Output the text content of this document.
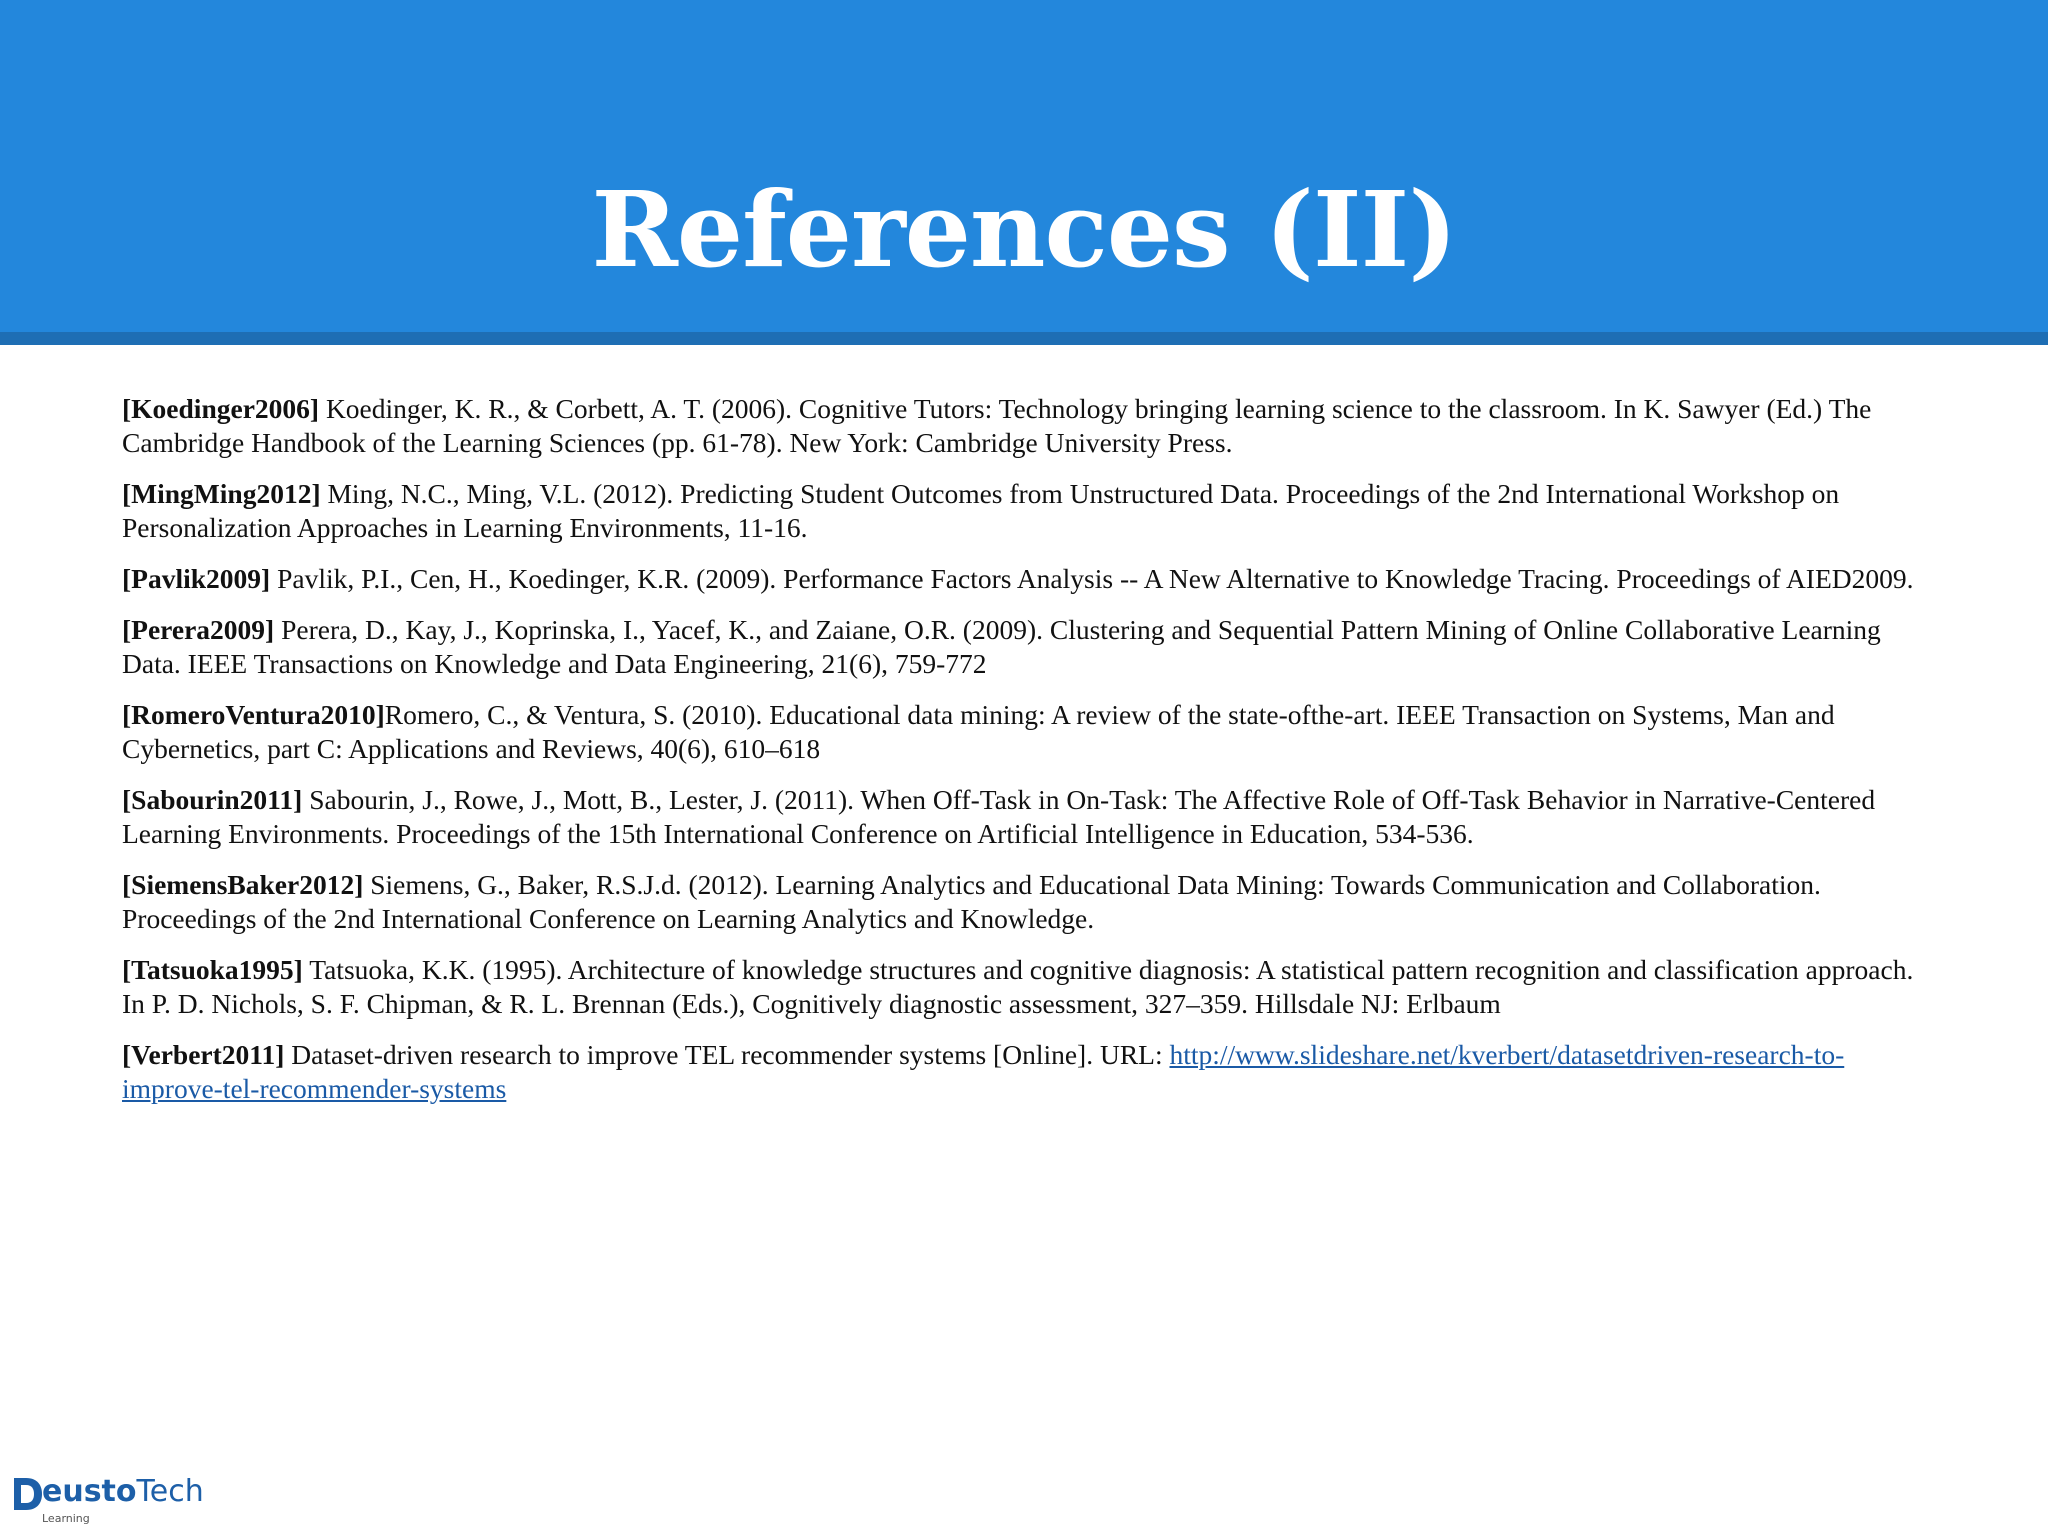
References (II)

[Koedinger2006] Koedinger, K. R., & Corbett, A. T. (2006). Cognitive Tutors: Technology bringing learning science to the classroom. In K. Sawyer (Ed.) The Cambridge Handbook of the Learning Sciences (pp. 61-78). New York: Cambridge University Press.

[MingMing2012] Ming, N.C., Ming, V.L. (2012). Predicting Student Outcomes from Unstructured Data. Proceedings of the 2nd International Workshop on Personalization Approaches in Learning Environments, 11-16.

[Pavlik2009] Pavlik, P.I., Cen, H., Koedinger, K.R. (2009). Performance Factors Analysis -- A New Alternative to Knowledge Tracing. Proceedings of AIED2009.

[Perera2009] Perera, D., Kay, J., Koprinska, I., Yacef, K., and Zaiane, O.R. (2009). Clustering and Sequential Pattern Mining of Online Collaborative Learning Data. IEEE Transactions on Knowledge and Data Engineering, 21(6), 759-772

[RomeroVentura2010]Romero, C., & Ventura, S. (2010). Educational data mining: A review of the state-ofthe-art. IEEE Transaction on Systems, Man and Cybernetics, part C: Applications and Reviews, 40(6), 610–618

[Sabourin2011] Sabourin, J., Rowe, J., Mott, B., Lester, J. (2011). When Off-Task in On-Task: The Affective Role of Off-Task Behavior in Narrative-Centered Learning Environments. Proceedings of the 15th International Conference on Artificial Intelligence in Education, 534-536.

[SiemensBaker2012] Siemens, G., Baker, R.S.J.d. (2012). Learning Analytics and Educational Data Mining: Towards Communication and Collaboration. Proceedings of the 2nd International Conference on Learning Analytics and Knowledge.

[Tatsuoka1995] Tatsuoka, K.K. (1995). Architecture of knowledge structures and cognitive diagnosis: A statistical pattern recognition and classification approach. In P. D. Nichols, S. F. Chipman, & R. L. Brennan (Eds.), Cognitively diagnostic assessment, 327–359. Hillsdale NJ: Erlbaum

[Verbert2011] Dataset-driven research to improve TEL recommender systems [Online]. URL: http://www.slideshare.net/kverbert/datasetdriven-research-to-improve-tel-recommender-systems

D eustoTech
Learning
